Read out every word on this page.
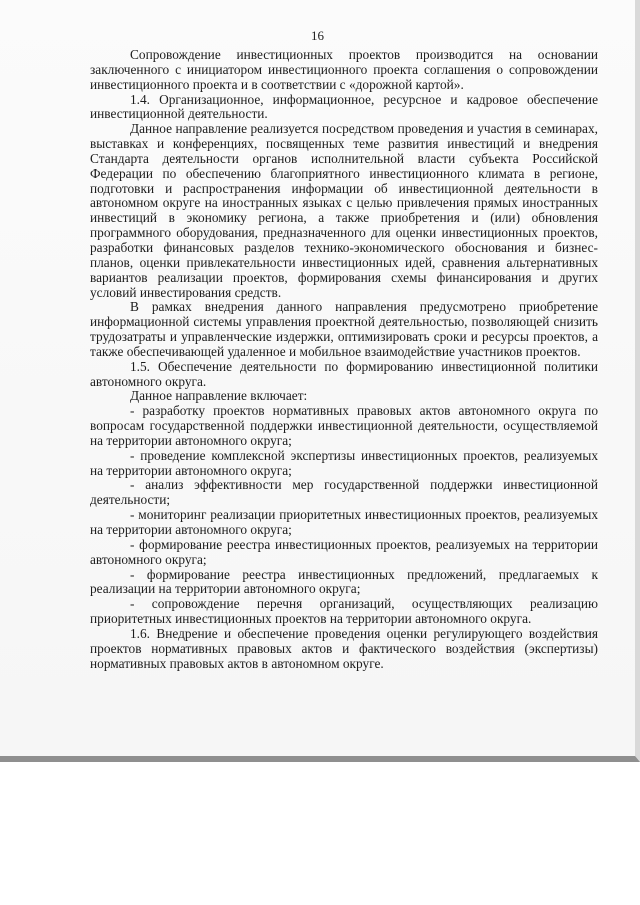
16

Сопровождение инвестиционных проектов производится на основании заключенного с инициатором инвестиционного проекта соглашения о сопровождении инвестиционного проекта и в соответствии с «дорожной картой».

1.4. Организационное, информационное, ресурсное и кадровое обеспечение инвестиционной деятельности.

Данное направление реализуется посредством проведения и участия в семинарах, выставках и конференциях, посвященных теме развития инвестиций и внедрения Стандарта деятельности органов исполнительной власти субъекта Российской Федерации по обеспечению благоприятного инвестиционного климата в регионе, подготовки и распространения информации об инвестиционной деятельности в автономном округе на иностранных языках с целью привлечения прямых иностранных инвестиций в экономику региона, а также приобретения и (или) обновления программного оборудования, предназначенного для оценки инвестиционных проектов, разработки финансовых разделов технико-экономического обоснования и бизнес-планов, оценки привлекательности инвестиционных идей, сравнения альтернативных вариантов реализации проектов, формирования схемы финансирования и других условий инвестирования средств.

В рамках внедрения данного направления предусмотрено приобретение информационной системы управления проектной деятельностью, позволяющей снизить трудозатраты и управленческие издержки, оптимизировать сроки и ресурсы проектов, а также обеспечивающей удаленное и мобильное взаимодействие участников проектов.

1.5. Обеспечение деятельности по формированию инвестиционной политики автономного округа.

Данное направление включает:

- разработку проектов нормативных правовых актов автономного округа по вопросам государственной поддержки инвестиционной деятельности, осуществляемой на территории автономного округа;

- проведение комплексной экспертизы инвестиционных проектов, реализуемых на территории автономного округа;

- анализ эффективности мер государственной поддержки инвестиционной деятельности;

- мониторинг реализации приоритетных инвестиционных проектов, реализуемых на территории автономного округа;

- формирование реестра инвестиционных проектов, реализуемых на территории автономного округа;

- формирование реестра инвестиционных предложений, предлагаемых к реализации на территории автономного округа;

- сопровождение перечня организаций, осуществляющих реализацию приоритетных инвестиционных проектов на территории автономного округа.

1.6. Внедрение и обеспечение проведения оценки регулирующего воздействия проектов нормативных правовых актов и фактического воздействия (экспертизы) нормативных правовых актов в автономном округе.
